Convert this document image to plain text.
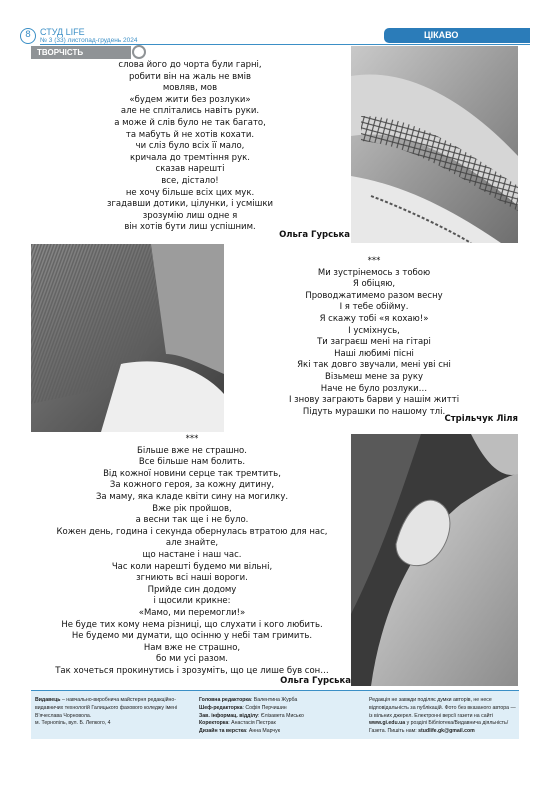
8	СТУД LIFE
№ 3 (33) листопад-грудень 2024
ЦІКАВО
ТВОРЧІСТЬ
слова його до чорта були гарні,
робити він на жаль не вмів
мовляв, мов
«будем жити без розлуки»
але не сплітались навіть руки.
а може й слів було не так багато,
та мабуть й не хотів кохати.
чи сліз було всіх її мало,
кричала до тремтіння рук.
сказав нарешті
все, дістало!
не хочу більше всіх цих мук.
згадавши дотики, цілунки, і усмішки
зрозумію лиш одне я
він хотів бути лиш успішним.
Ольга Гурська
***
Ми зустрінемось з тобою
Я обіцяю,
Проводжатимемо разом весну
І я тебе обійму.
Я скажу тобі «я кохаю!»
І усміхнусь,
Ти заграєш мені на гітарі
Наші любимі пісні
Які так довго звучали, мені уві сні
Візьмеш мене за руку
Наче не було розлуки…
І знову заграють барви у нашім житті
Підуть мурашки по нашому тлі.
Стрільчук Ліля
***
Більше вже не страшно.
Все більше нам болить.
Від кожної новини серце так тремтить,
За кожного героя, за кожну дитину,
За маму, яка кладе квіти сину на могилку.
Вже рік пройшов,
а весни так ще і не було.
Кожен день, година і секунда обернулась втратою для нас,
але знайте,
що настане і наш час.
Час коли нарешті будемо ми вільні,
згниють всі наші вороги.
Прийде син додому
і щосили крикне:
«Мамо, ми перемогли!»
Не буде тих кому нема різниці, що слухати і кого любить.
Не будемо ми думати, що осінню у небі там гримить.
Нам вже не страшно,
бо ми усі разом.
Так хочеться прокинутись і зрозуміть, що це лише був сон…
Ольга Гурська
Видавець – навчально-виробнича майстерня редакційно-видавничих технологій Галицького фахового коледжу імені В'ячеслава Чорновола.
м. Тернопіль, вул. Б. Лепкого, 4
Головна редакторка: Валентина Журба
Шеф-редакторка: Софія Перчишин
Зав. інформац. відділу: Єлізавета Мисько
Коректорка: Анастасія Пестрак
Дизайн та верстка: Анна Марчук
Редакція не завжди поділяє думки авторів, не несе відповідальність за публікацій. Фото без вказаного автора — із вільних джерел. Електронні версії газети на сайті www.gi.edu.ua у розділі Бібліотека/Видавнича діяльність/Газета. Пишіть нам: studlife.gk@gmail.com
